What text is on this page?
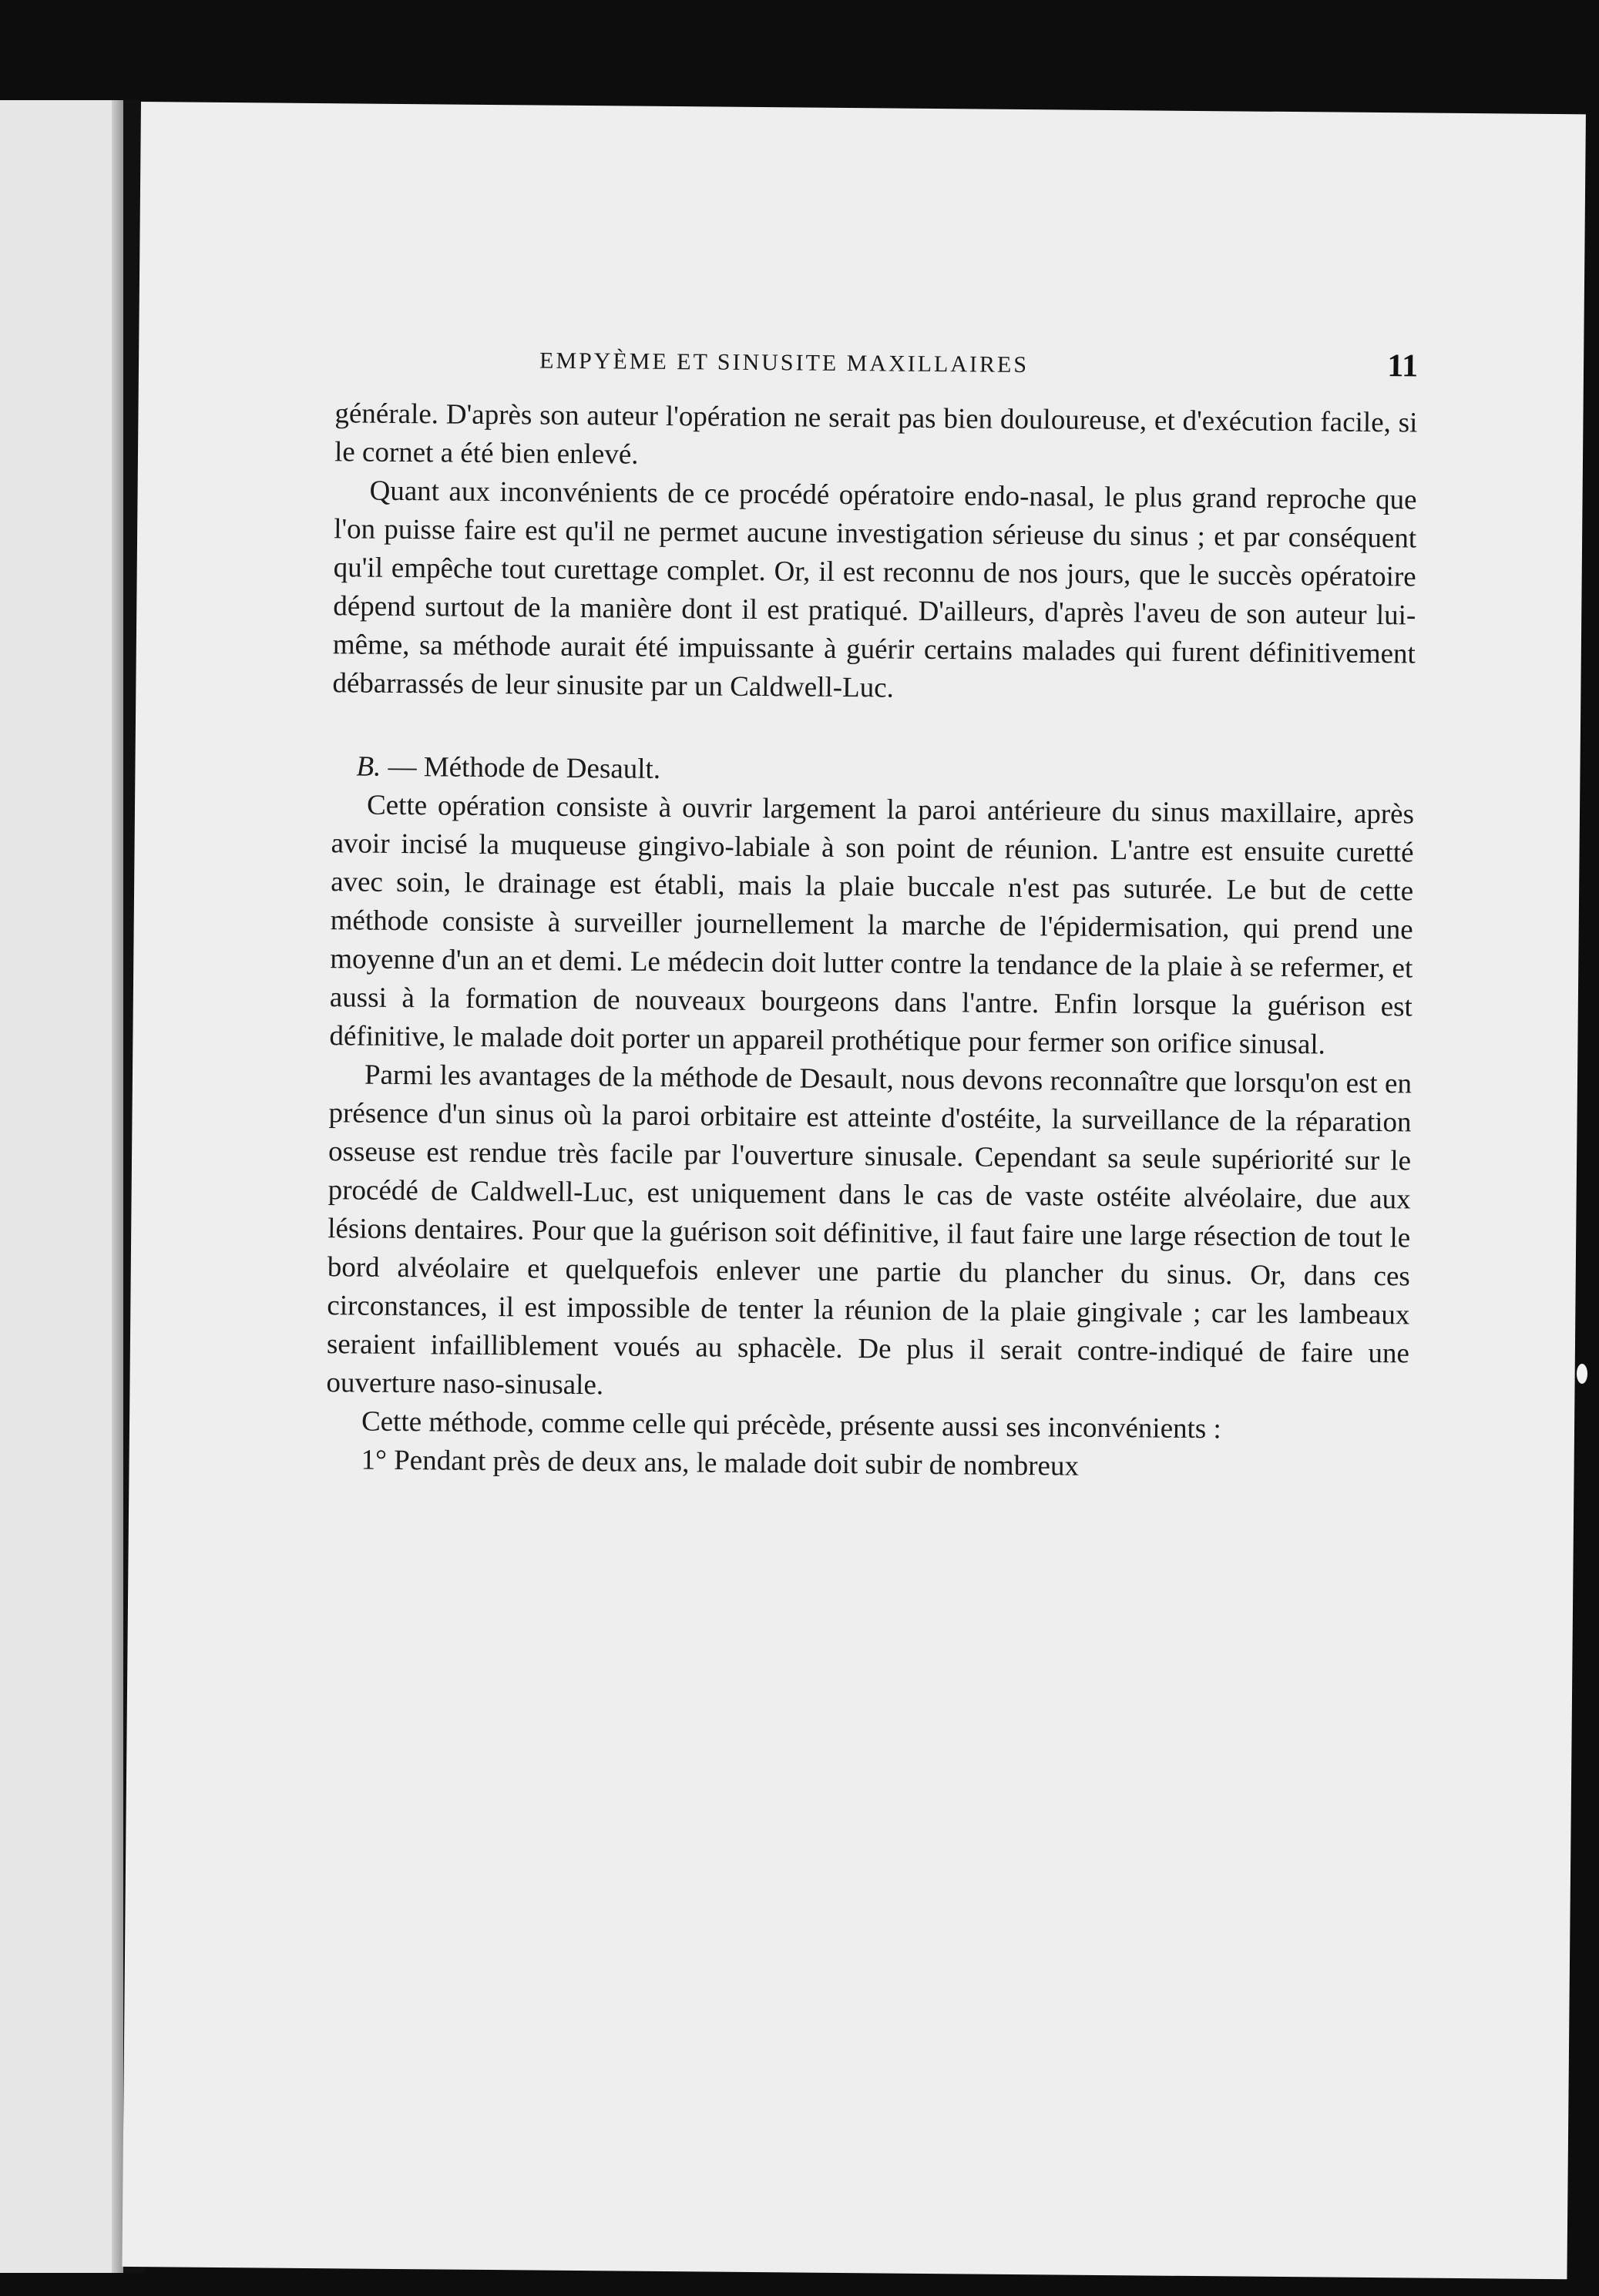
EMPYÈME ET SINUSITE MAXILLAIRES	11

générale. D'après son auteur l'opération ne serait pas bien douloureuse, et d'exécution facile, si le cornet a été bien enlevé.

Quant aux inconvénients de ce procédé opératoire endo-nasal, le plus grand reproche que l'on puisse faire est qu'il ne permet aucune investigation sérieuse du sinus ; et par conséquent qu'il empêche tout curettage complet. Or, il est reconnu de nos jours, que le succès opératoire dépend surtout de la manière dont il est pratiqué. D'ailleurs, d'après l'aveu de son auteur lui-même, sa méthode aurait été impuissante à guérir certains malades qui furent définitivement débarrassés de leur sinusite par un Caldwell-Luc.

B. — Méthode de Desault.

Cette opération consiste à ouvrir largement la paroi antérieure du sinus maxillaire, après avoir incisé la muqueuse gingivo-labiale à son point de réunion. L'antre est ensuite curetté avec soin, le drainage est établi, mais la plaie buccale n'est pas suturée. Le but de cette méthode consiste à surveiller journellement la marche de l'épidermisation, qui prend une moyenne d'un an et demi. Le médecin doit lutter contre la tendance de la plaie à se refermer, et aussi à la formation de nouveaux bourgeons dans l'antre. Enfin lorsque la guérison est définitive, le malade doit porter un appareil prothétique pour fermer son orifice sinusal.

Parmi les avantages de la méthode de Desault, nous devons reconnaître que lorsqu'on est en présence d'un sinus où la paroi orbitaire est atteinte d'ostéite, la surveillance de la réparation osseuse est rendue très facile par l'ouverture sinusale. Cependant sa seule supériorité sur le procédé de Caldwell-Luc, est uniquement dans le cas de vaste ostéite alvéolaire, due aux lésions dentaires. Pour que la guérison soit définitive, il faut faire une large résection de tout le bord alvéolaire et quelquefois enlever une partie du plancher du sinus. Or, dans ces circonstances, il est impossible de tenter la réunion de la plaie gingivale ; car les lambeaux seraient infailliblement voués au sphacèle. De plus il serait contre-indiqué de faire une ouverture naso-sinusale.

Cette méthode, comme celle qui précède, présente aussi ses inconvénients :

1° Pendant près de deux ans, le malade doit subir de nombreux
